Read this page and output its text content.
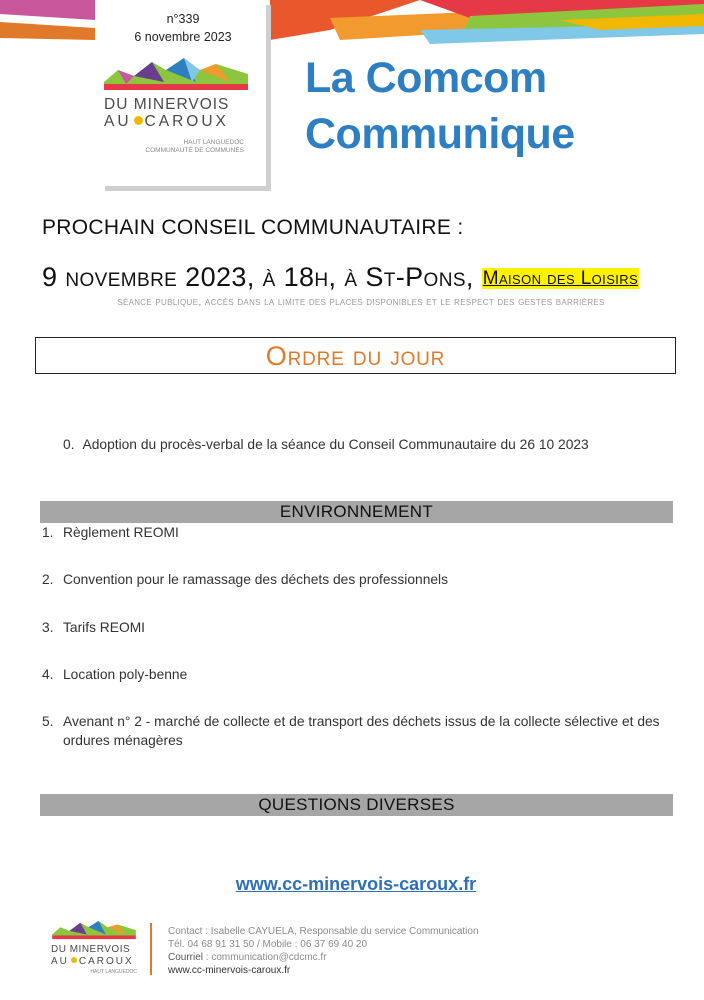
n°339
6 novembre 2023
DU MINERVOIS
AU CAROUX
HAUT LANGUEDOC
COMMUNAUTÉ DE COMMUNES
La Comcom
Communique
PROCHAIN CONSEIL COMMUNAUTAIRE :
9 novembre 2023, à 18h, à St-Pons, Maison des Loisirs
séance publique, accès dans la limite des places disponibles et le respect des gestes barrières
Ordre du jour
0. Adoption du procès-verbal de la séance du Conseil Communautaire du 26 10 2023
ENVIRONNEMENT
1. Règlement REOMI
2. Convention pour le ramassage des déchets des professionnels
3. Tarifs REOMI
4. Location poly-benne
5. Avenant n° 2 - marché de collecte et de transport des déchets issus de la collecte sélective et des ordures ménagères
QUESTIONS DIVERSES
www.cc-minervois-caroux.fr
DU MINERVOIS
AU CAROUX
HAUT LANGUEDOC
Contact : Isabelle CAYUELA, Responsable du service Communication
Tél. 04 68 91 31 50 / Mobile : 06 37 69 40 20
Courriel : communication@cdcmc.fr
www.cc-minervois-caroux.fr
